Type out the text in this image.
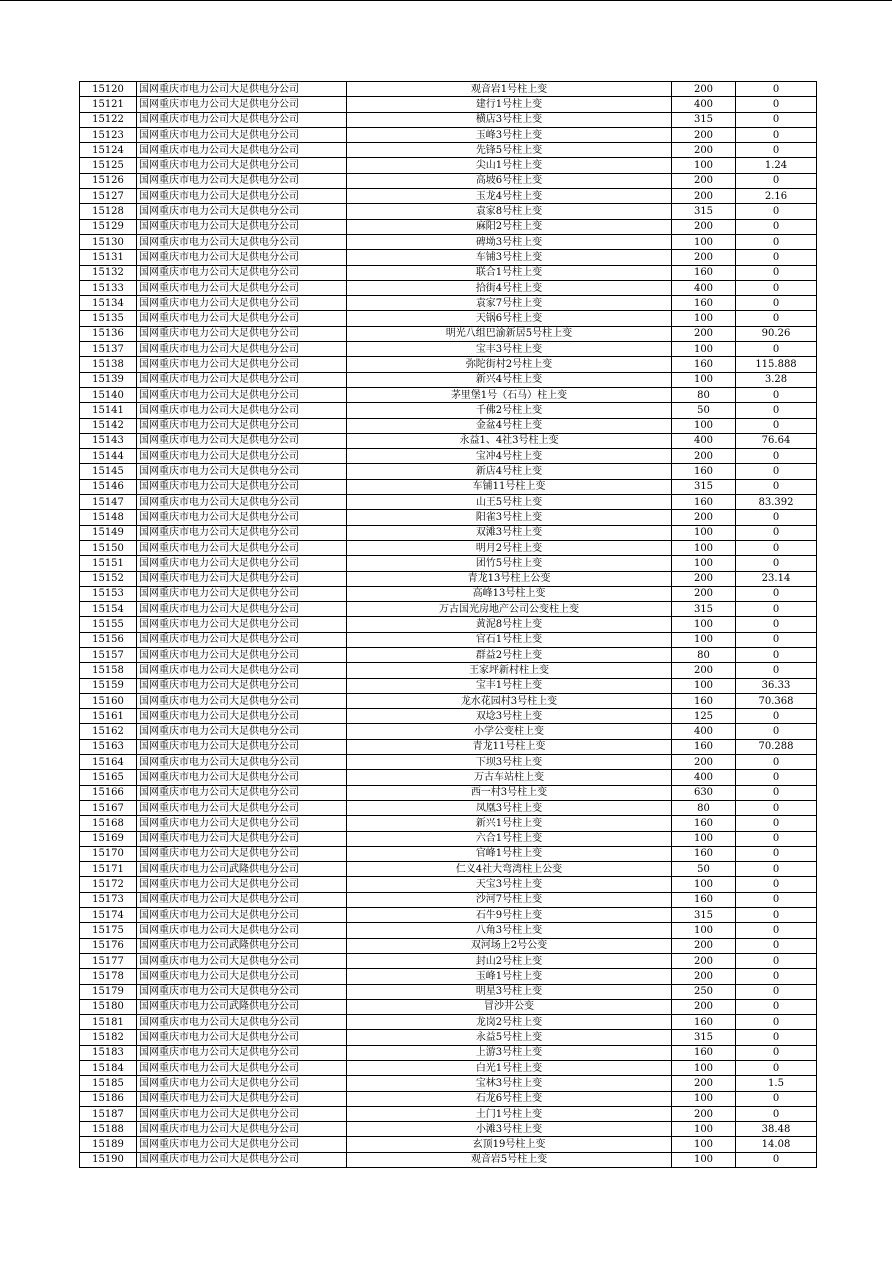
15120	国网重庆市电力公司大足供电分公司	观音岩1号柱上变	200	0
15121	国网重庆市电力公司大足供电分公司	建行1号柱上变	400	0
15122	国网重庆市电力公司大足供电分公司	横店3号柱上变	315	0
15123	国网重庆市电力公司大足供电分公司	玉峰3号柱上变	200	0
15124	国网重庆市电力公司大足供电分公司	先锋5号柱上变	200	0
15125	国网重庆市电力公司大足供电分公司	尖山1号柱上变	100	1.24
15126	国网重庆市电力公司大足供电分公司	高坡6号柱上变	200	0
15127	国网重庆市电力公司大足供电分公司	玉龙4号柱上变	200	2.16
15128	国网重庆市电力公司大足供电分公司	袁家8号柱上变	315	0
15129	国网重庆市电力公司大足供电分公司	麻阳2号柱上变	200	0
15130	国网重庆市电力公司大足供电分公司	碑坳3号柱上变	100	0
15131	国网重庆市电力公司大足供电分公司	车铺3号柱上变	200	0
15132	国网重庆市电力公司大足供电分公司	联合1号柱上变	160	0
15133	国网重庆市电力公司大足供电分公司	拾街4号柱上变	400	0
15134	国网重庆市电力公司大足供电分公司	袁家7号柱上变	160	0
15135	国网重庆市电力公司大足供电分公司	天锅6号柱上变	100	0
15136	国网重庆市电力公司大足供电分公司	明光八组巴渝新居5号柱上变	200	90.26
15137	国网重庆市电力公司大足供电分公司	宝丰3号柱上变	100	0
15138	国网重庆市电力公司大足供电分公司	弥陀街村2号柱上变	160	115.888
15139	国网重庆市电力公司大足供电分公司	新兴4号柱上变	100	3.28
15140	国网重庆市电力公司大足供电分公司	茅里堡1号（石马）柱上变	80	0
15141	国网重庆市电力公司大足供电分公司	千佛2号柱上变	50	0
15142	国网重庆市电力公司大足供电分公司	金盆4号柱上变	100	0
15143	国网重庆市电力公司大足供电分公司	永益1、4社3号柱上变	400	76.64
15144	国网重庆市电力公司大足供电分公司	宝冲4号柱上变	200	0
15145	国网重庆市电力公司大足供电分公司	新店4号柱上变	160	0
15146	国网重庆市电力公司大足供电分公司	车铺11号柱上变	315	0
15147	国网重庆市电力公司大足供电分公司	山王5号柱上变	160	83.392
15148	国网重庆市电力公司大足供电分公司	阳雀3号柱上变	200	0
15149	国网重庆市电力公司大足供电分公司	双滩3号柱上变	100	0
15150	国网重庆市电力公司大足供电分公司	明月2号柱上变	100	0
15151	国网重庆市电力公司大足供电分公司	团竹5号柱上变	100	0
15152	国网重庆市电力公司大足供电分公司	青龙13号柱上公变	200	23.14
15153	国网重庆市电力公司大足供电分公司	高峰13号柱上变	200	0
15154	国网重庆市电力公司大足供电分公司	万古国光房地产公司公变柱上变	315	0
15155	国网重庆市电力公司大足供电分公司	黄泥8号柱上变	100	0
15156	国网重庆市电力公司大足供电分公司	官石1号柱上变	100	0
15157	国网重庆市电力公司大足供电分公司	群益2号柱上变	80	0
15158	国网重庆市电力公司大足供电分公司	王家坪新村柱上变	200	0
15159	国网重庆市电力公司大足供电分公司	宝丰1号柱上变	100	36.33
15160	国网重庆市电力公司大足供电分公司	龙水花园村3号柱上变	160	70.368
15161	国网重庆市电力公司大足供电分公司	双埝3号柱上变	125	0
15162	国网重庆市电力公司大足供电分公司	小学公变柱上变	400	0
15163	国网重庆市电力公司大足供电分公司	青龙11号柱上变	160	70.288
15164	国网重庆市电力公司大足供电分公司	下坝3号柱上变	200	0
15165	国网重庆市电力公司大足供电分公司	万古车站柱上变	400	0
15166	国网重庆市电力公司大足供电分公司	西一村3号柱上变	630	0
15167	国网重庆市电力公司大足供电分公司	凤凰3号柱上变	80	0
15168	国网重庆市电力公司大足供电分公司	新兴1号柱上变	160	0
15169	国网重庆市电力公司大足供电分公司	六合1号柱上变	100	0
15170	国网重庆市电力公司大足供电分公司	官峰1号柱上变	160	0
15171	国网重庆市电力公司武隆供电分公司	仁义4社大弯湾柱上公变	50	0
15172	国网重庆市电力公司大足供电分公司	天宝3号柱上变	100	0
15173	国网重庆市电力公司大足供电分公司	沙河7号柱上变	160	0
15174	国网重庆市电力公司大足供电分公司	石牛9号柱上变	315	0
15175	国网重庆市电力公司大足供电分公司	八角3号柱上变	100	0
15176	国网重庆市电力公司武隆供电分公司	双河场上2号公变	200	0
15177	国网重庆市电力公司大足供电分公司	封山2号柱上变	200	0
15178	国网重庆市电力公司大足供电分公司	玉峰1号柱上变	200	0
15179	国网重庆市电力公司大足供电分公司	明星3号柱上变	250	0
15180	国网重庆市电力公司武隆供电分公司	冒沙井公变	200	0
15181	国网重庆市电力公司大足供电分公司	龙岗2号柱上变	160	0
15182	国网重庆市电力公司大足供电分公司	永益5号柱上变	315	0
15183	国网重庆市电力公司大足供电分公司	上游3号柱上变	160	0
15184	国网重庆市电力公司大足供电分公司	白光1号柱上变	100	0
15185	国网重庆市电力公司大足供电分公司	宝林3号柱上变	200	1.5
15186	国网重庆市电力公司大足供电分公司	石龙6号柱上变	100	0
15187	国网重庆市电力公司大足供电分公司	土门1号柱上变	200	0
15188	国网重庆市电力公司大足供电分公司	小滩3号柱上变	100	38.48
15189	国网重庆市电力公司大足供电分公司	玄顶19号柱上变	100	14.08
15190	国网重庆市电力公司大足供电分公司	观音岩5号柱上变	100	0
